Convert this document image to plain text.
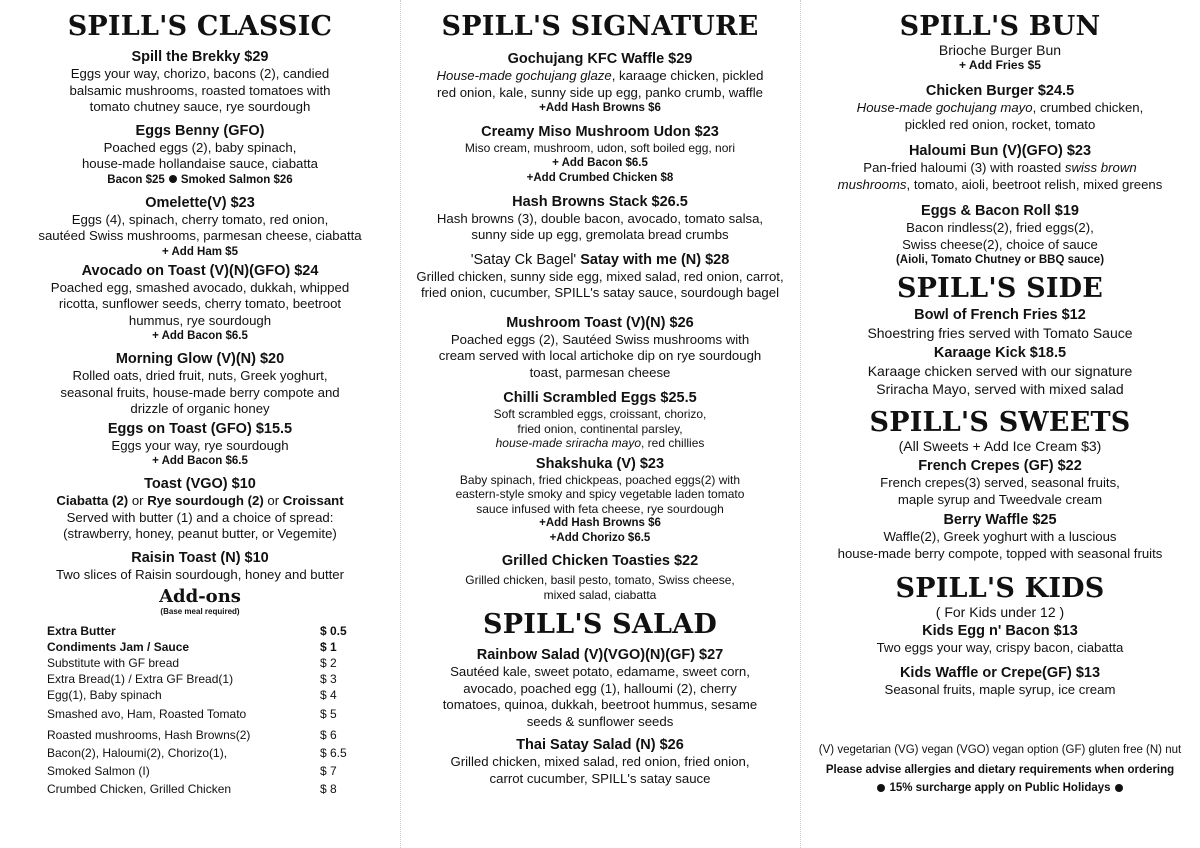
SPILL'S CLASSIC
Spill the Brekky $29
Eggs your way, chorizo, bacons (2), candied
balsamic mushrooms, roasted tomatoes with
tomato chutney sauce, rye sourdough
Eggs Benny (GFO)
Poached eggs (2), baby spinach,
house-made hollandaise sauce, ciabatta
Bacon $25 Smoked Salmon $26
Omelette(V) $23
Eggs (4), spinach, cherry tomato, red onion,
sautéed Swiss mushrooms, parmesan cheese, ciabatta
+ Add Ham $5
Avocado on Toast (V)(N)(GFO) $24
Poached egg, smashed avocado, dukkah, whipped
ricotta, sunflower seeds, cherry tomato, beetroot
hummus, rye sourdough
+ Add Bacon $6.5
Morning Glow (V)(N) $20
Rolled oats, dried fruit, nuts, Greek yoghurt,
seasonal fruits, house-made berry compote and
drizzle of organic honey
Eggs on Toast (GFO) $15.5
Eggs your way, rye sourdough
+ Add Bacon $6.5
Toast (VGO) $10
Ciabatta (2) or Rye sourdough (2) or Croissant
Served with butter (1) and a choice of spread:
(strawberry, honey, peanut butter, or Vegemite)
Raisin Toast (N) $10
Two slices of Raisin sourdough, honey and butter
Add-ons
(Base meal required)
Extra Butter	$ 0.5
Condiments Jam / Sauce	$ 1
Substitute with GF bread	$ 2
Extra Bread(1) / Extra GF Bread(1)	$ 3
Egg(1), Baby spinach	$ 4
Smashed avo, Ham, Roasted Tomato	$ 5
Roasted mushrooms, Hash Browns(2)	$ 6
Bacon(2), Haloumi(2), Chorizo(1),	$ 6.5
Smoked Salmon (I)	$ 7
Crumbed Chicken, Grilled Chicken	$ 8
SPILL'S SIGNATURE
Gochujang KFC Waffle $29
House-made gochujang glaze, karaage chicken, pickled
red onion, kale, sunny side up egg, panko crumb, waffle
+Add Hash Browns $6
Creamy Miso Mushroom Udon $23
Miso cream, mushroom, udon, soft boiled egg, nori
+ Add Bacon $6.5
+Add Crumbed Chicken $8
Hash Browns Stack $26.5
Hash browns (3), double bacon, avocado, tomato salsa,
sunny side up egg, gremolata bread crumbs
'Satay Ck Bagel' Satay with me (N) $28
Grilled chicken, sunny side egg, mixed salad, red onion, carrot,
fried onion, cucumber, SPILL's satay sauce, sourdough bagel
Mushroom Toast (V)(N) $26
Poached eggs (2), Sautéed Swiss mushrooms with
cream served with local artichoke dip on rye sourdough
toast, parmesan cheese
Chilli Scrambled Eggs $25.5
Soft scrambled eggs, croissant, chorizo,
fried onion, continental parsley,
house-made sriracha mayo, red chillies
Shakshuka (V) $23
Baby spinach, fried chickpeas, poached eggs(2) with
eastern-style smoky and spicy vegetable laden tomato
sauce infused with feta cheese, rye sourdough
+Add Hash Browns $6
+Add Chorizo $6.5
Grilled Chicken Toasties $22
Grilled chicken, basil pesto, tomato, Swiss cheese,
mixed salad, ciabatta
SPILL'S SALAD
Rainbow Salad (V)(VGO)(N)(GF) $27
Sautéed kale, sweet potato, edamame, sweet corn,
avocado, poached egg (1), halloumi (2), cherry
tomatoes, quinoa, dukkah, beetroot hummus, sesame
seeds & sunflower seeds
Thai Satay Salad (N) $26
Grilled chicken, mixed salad, red onion, fried onion,
carrot cucumber, SPILL's satay sauce
SPILL'S BUN
Brioche Burger Bun
+ Add Fries $5
Chicken Burger $24.5
House-made gochujang mayo, crumbed chicken,
pickled red onion, rocket, tomato
Haloumi Bun (V)(GFO) $23
Pan-fried haloumi (3) with roasted swiss brown
mushrooms, tomato, aioli, beetroot relish, mixed greens
Eggs & Bacon Roll $19
Bacon rindless(2), fried eggs(2),
Swiss cheese(2), choice of sauce
(Aioli, Tomato Chutney or BBQ sauce)
SPILL'S SIDE
Bowl of French Fries $12
Shoestring fries served with Tomato Sauce
Karaage Kick $18.5
Karaage chicken served with our signature
Sriracha Mayo, served with mixed salad
SPILL'S SWEETS
(All Sweets + Add Ice Cream $3)
French Crepes (GF) $22
French crepes(3) served, seasonal fruits,
maple syrup and Tweedvale cream
Berry Waffle $25
Waffle(2), Greek yoghurt with a luscious
house-made berry compote, topped with seasonal fruits
SPILL'S KIDS
( For Kids under 12 )
Kids Egg n' Bacon $13
Two eggs your way, crispy bacon, ciabatta
Kids Waffle or Crepe(GF) $13
Seasonal fruits, maple syrup, ice cream
(V) vegetarian (VG) vegan (VGO) vegan option (GF) gluten free (N) nut
Please advise allergies and dietary requirements when ordering
15% surcharge apply on Public Holidays
